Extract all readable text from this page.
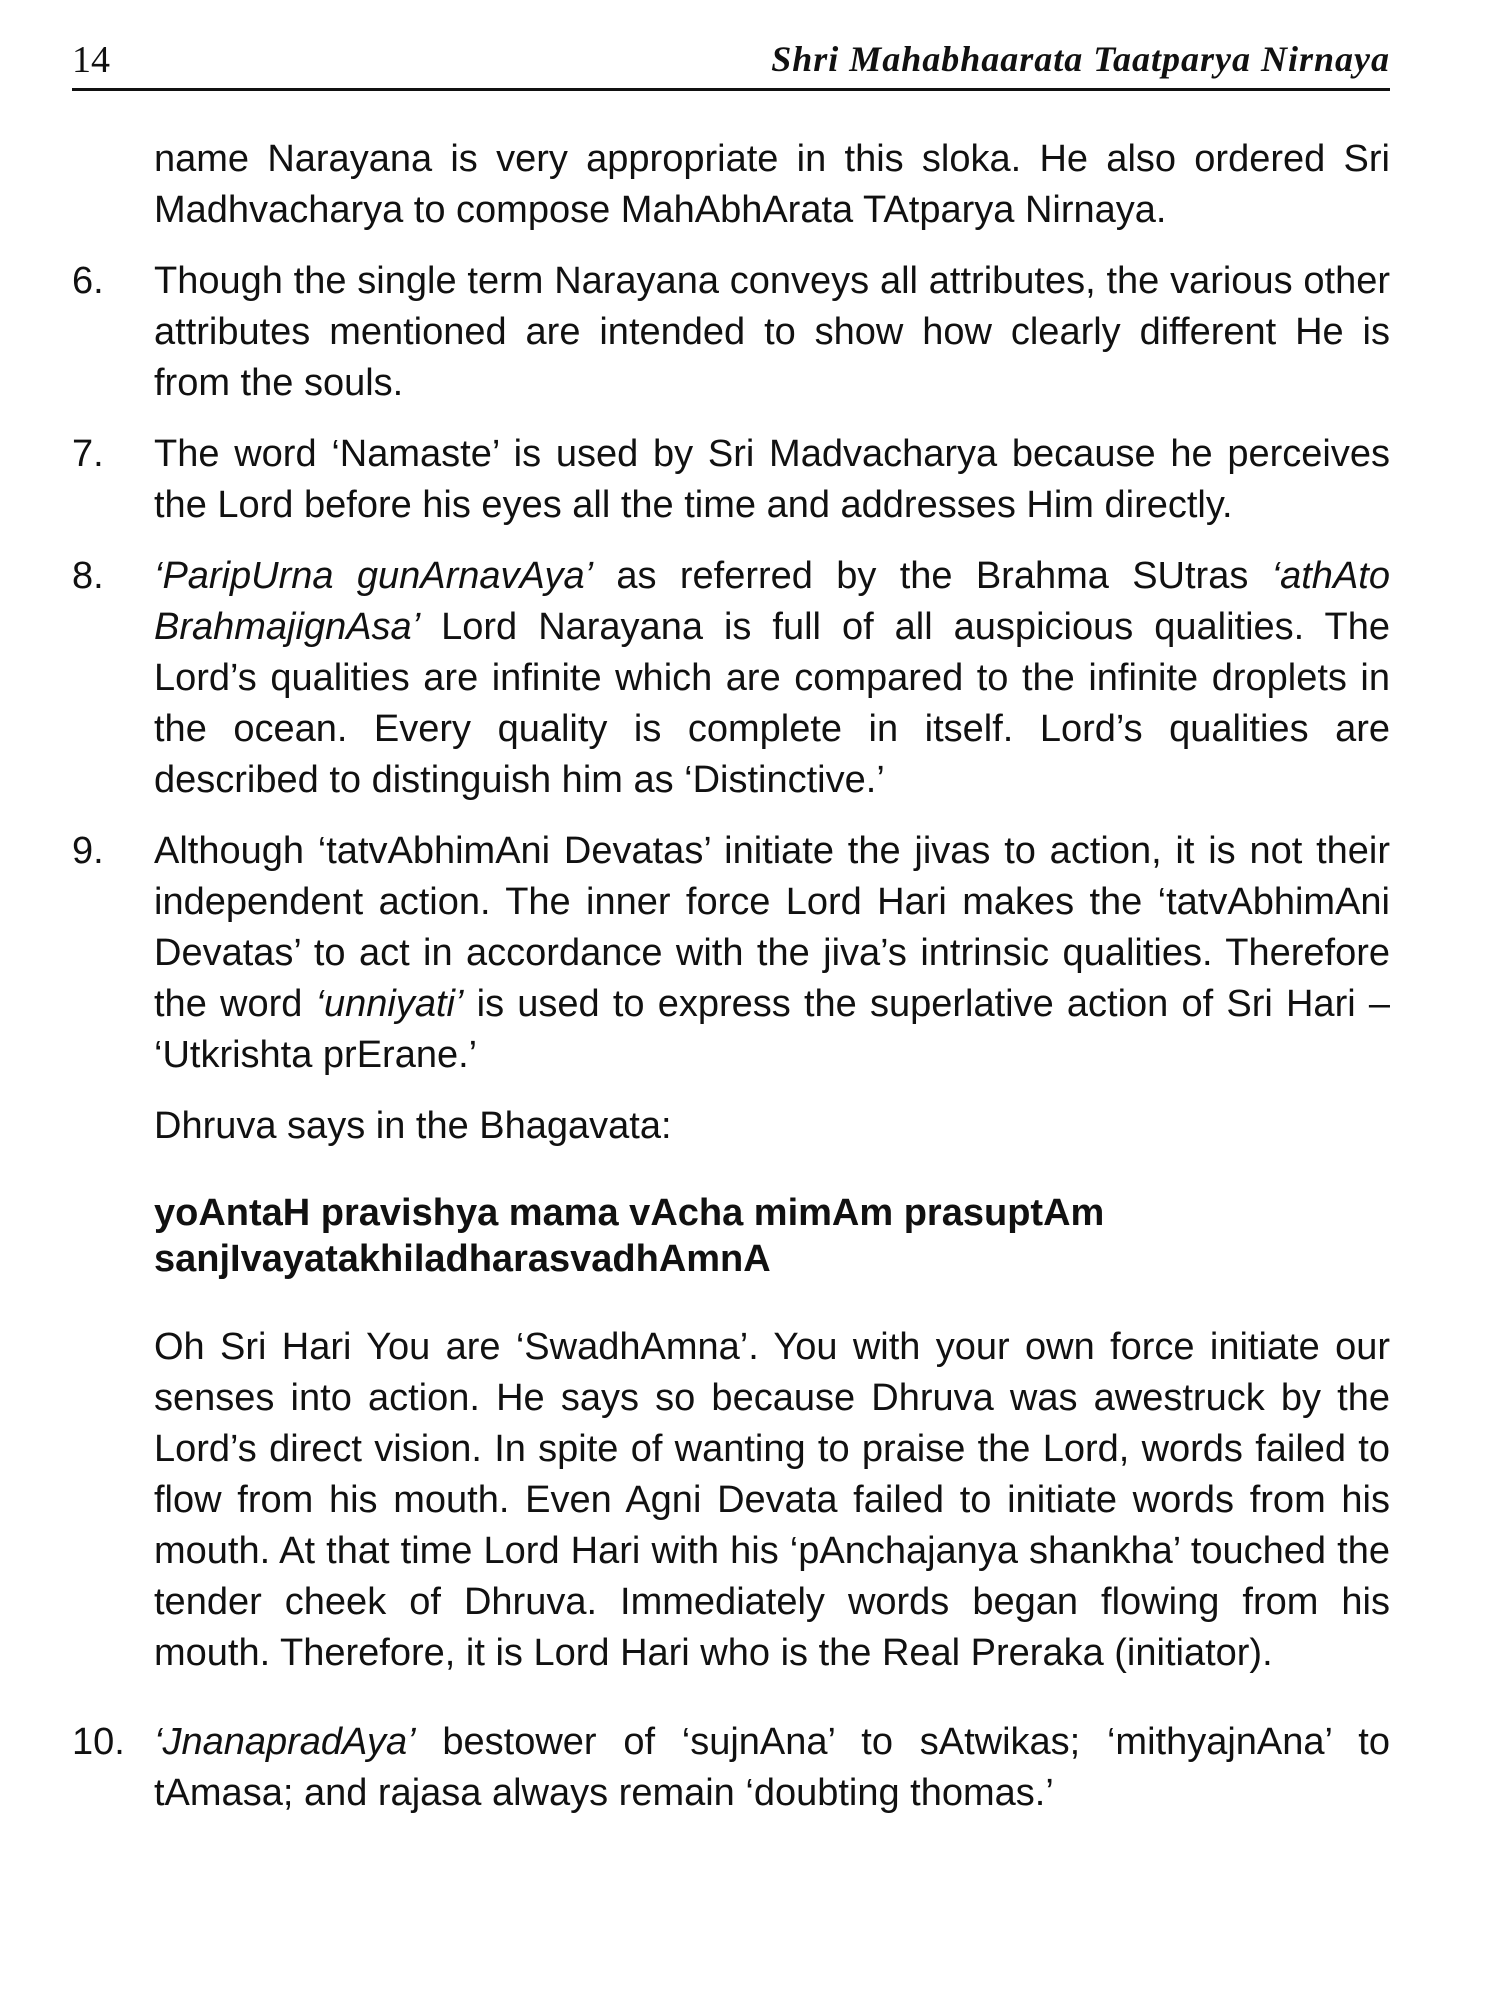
14	Shri Mahabhaarata Taatparya Nirnaya

name Narayana is very appropriate in this sloka. He also ordered Sri Madhvacharya to compose MahAbhArata TAtparya Nirnaya.

6.	Though the single term Narayana conveys all attributes, the various other attributes mentioned are intended to show how clearly different He is from the souls.
7.	The word ‘Namaste’ is used by Sri Madvacharya because he perceives the Lord before his eyes all the time and addresses Him directly.
8.	‘ParipUrna gunArnavAya’ as referred by the Brahma SUtras ‘athAto BrahmajignAsa’ Lord Narayana is full of all auspicious qualities. The Lord’s qualities are infinite which are compared to the infinite droplets in the ocean. Every quality is complete in itself. Lord’s qualities are described to distinguish him as ‘Distinctive.’
9.	Although ‘tatvAbhimAni Devatas’ initiate the jivas to action, it is not their independent action. The inner force Lord Hari makes the ‘tatvAbhimAni Devatas’ to act in accordance with the jiva’s intrinsic qualities. Therefore the word ‘unniyati’ is used to express the superlative action of Sri Hari – ‘Utkrishta prErane.’

Dhruva says in the Bhagavata:

yoAntaH pravishya mama vAcha mimAm prasuptAm
sanjIvayatakhiladharasvadhAmnA

Oh Sri Hari You are ‘SwadhAmna’. You with your own force initiate our senses into action. He says so because Dhruva was awestruck by the Lord’s direct vision. In spite of wanting to praise the Lord, words failed to flow from his mouth. Even Agni Devata failed to initiate words from his mouth. At that time Lord Hari with his ‘pAnchajanya shankha’ touched the tender cheek of Dhruva. Immediately words began flowing from his mouth. Therefore, it is Lord Hari who is the Real Preraka (initiator).

10. ‘JnanapradAya’ bestower of ‘sujnAna’ to sAtwikas; ‘mithyajnAna’ to tAmasa; and rajasa always remain ‘doubting thomas.’
